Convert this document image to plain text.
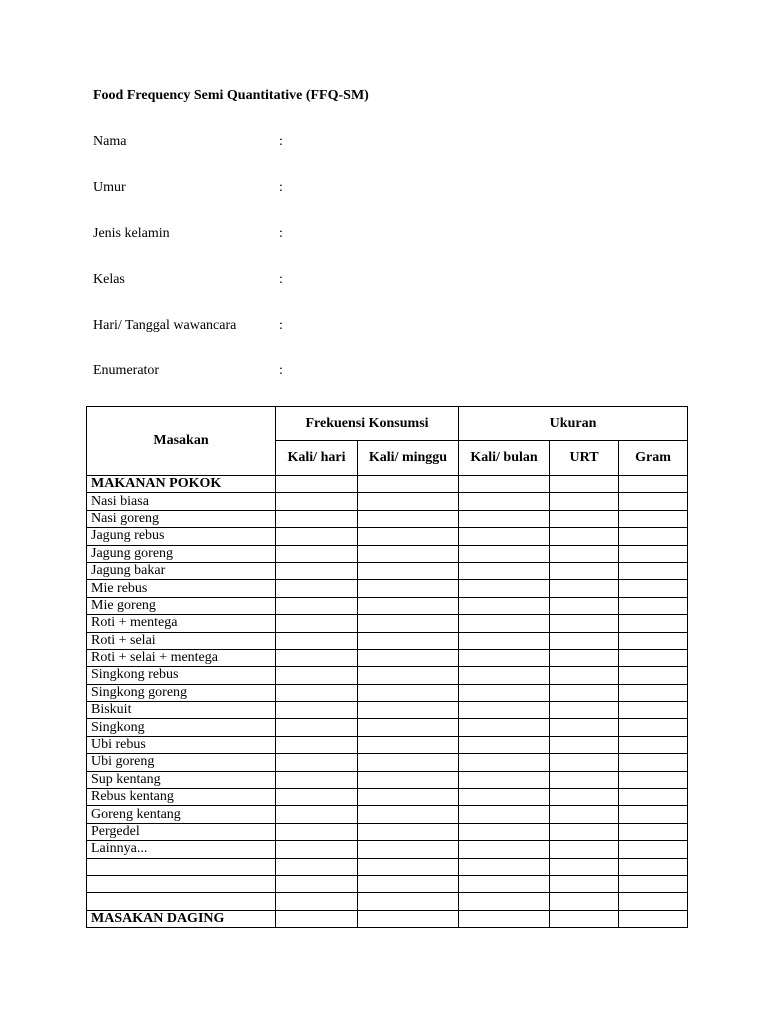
Food Frequency Semi Quantitative (FFQ-SM)
Nama	:
Umur	:
Jenis kelamin	:
Kelas	:
Hari/ Tanggal wawancara	:
Enumerator	:
Masakan	Frekuensi Konsumsi		Ukuran		
	Kali/ hari	Kali/ minggu	Kali/ bulan	URT	Gram
MAKANAN POKOK					
Nasi biasa					
Nasi goreng					
Jagung rebus					
Jagung goreng					
Jagung bakar					
Mie rebus					
Mie goreng					
Roti + mentega					
Roti + selai					
Roti + selai + mentega					
Singkong rebus					
Singkong goreng					
Biskuit					
Singkong					
Ubi rebus					
Ubi goreng					
Sup kentang					
Rebus kentang					
Goreng kentang					
Pergedel					
Lainnya...					

MASAKAN DAGING					
